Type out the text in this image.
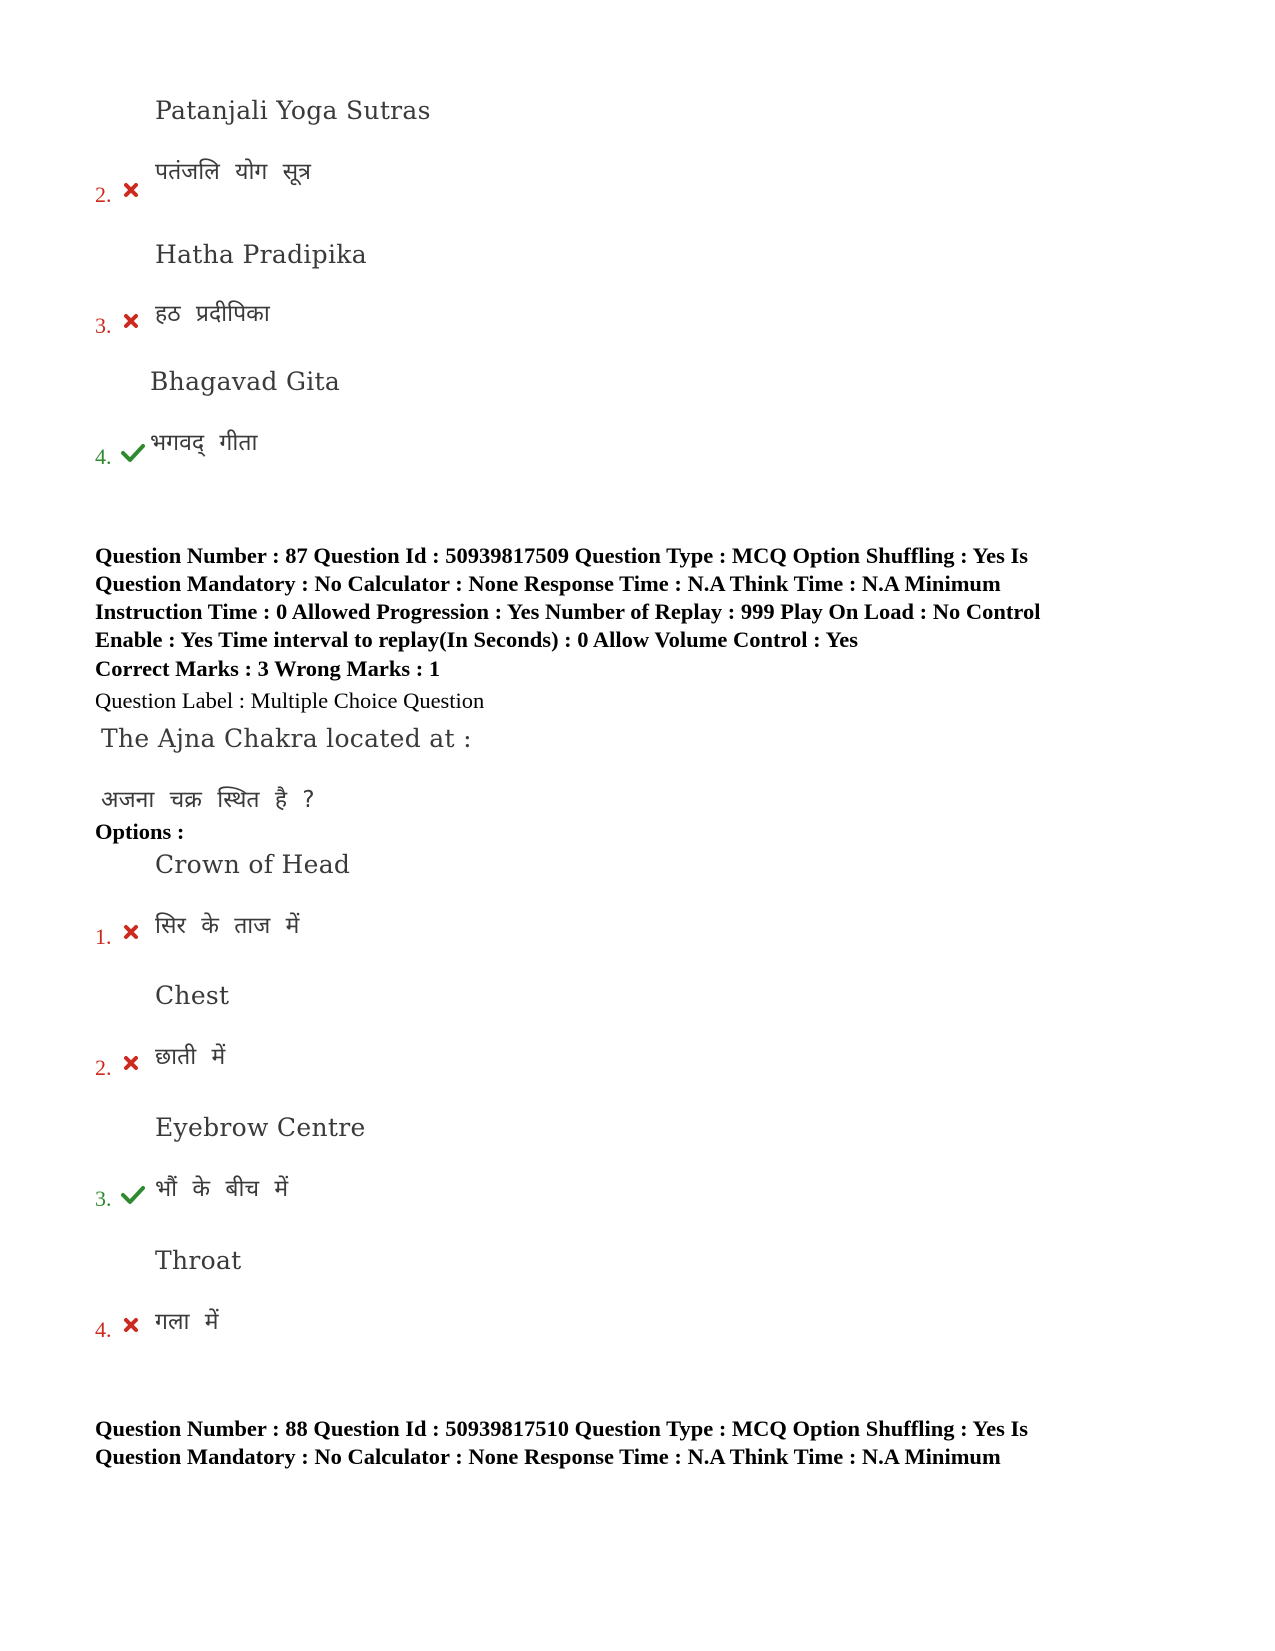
Patanjali Yoga Sutras
पतंजलि योग सूत्र
2.
Hatha Pradipika
हठ प्रदीपिका
3.
Bhagavad Gita
भगवद्‌ गीता
4.
Question Number : 87 Question Id : 50939817509 Question Type : MCQ Option Shuffling : Yes Is
Question Mandatory : No Calculator : None Response Time : N.A Think Time : N.A Minimum
Instruction Time : 0 Allowed Progression : Yes Number of Replay : 999 Play On Load : No Control
Enable : Yes Time interval to replay(In Seconds) : 0 Allow Volume Control : Yes
Correct Marks : 3 Wrong Marks : 1
Question Label : Multiple Choice Question
The Ajna Chakra located at :
अजना चक्र स्थित है ?
Options :
Crown of Head
सिर के ताज में
1.
Chest
छाती में
2.
Eyebrow Centre
भौं के बीच में
3.
Throat
गला में
4.
Question Number : 88 Question Id : 50939817510 Question Type : MCQ Option Shuffling : Yes Is
Question Mandatory : No Calculator : None Response Time : N.A Think Time : N.A Minimum
